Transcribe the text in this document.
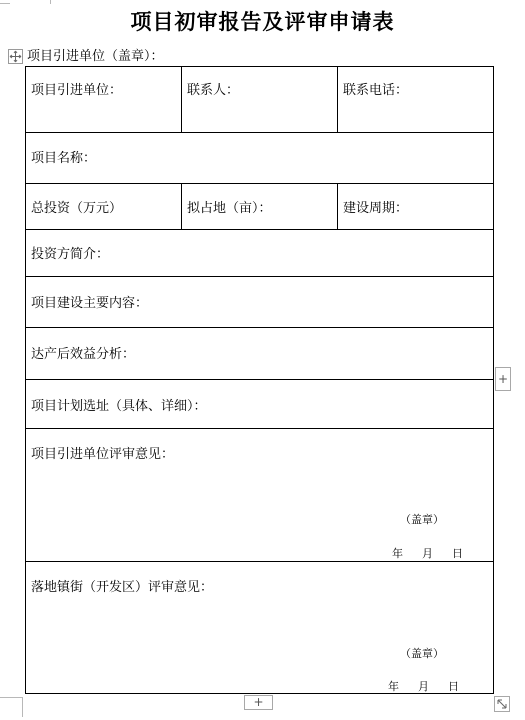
项目初审报告及评审申请表
项目引进单位（盖章）：
项目引进单位：	联系人：	联系电话：
项目名称：
总投资（万元）	拟占地（亩）：	建设周期：
投资方简介：
项目建设主要内容：
达产后效益分析：
项目计划选址（具体、详细）：
项目引进单位评审意见：
（盖章）
年 月 日
落地镇街（开发区）评审意见：
（盖章）
年 月 日
+
+
